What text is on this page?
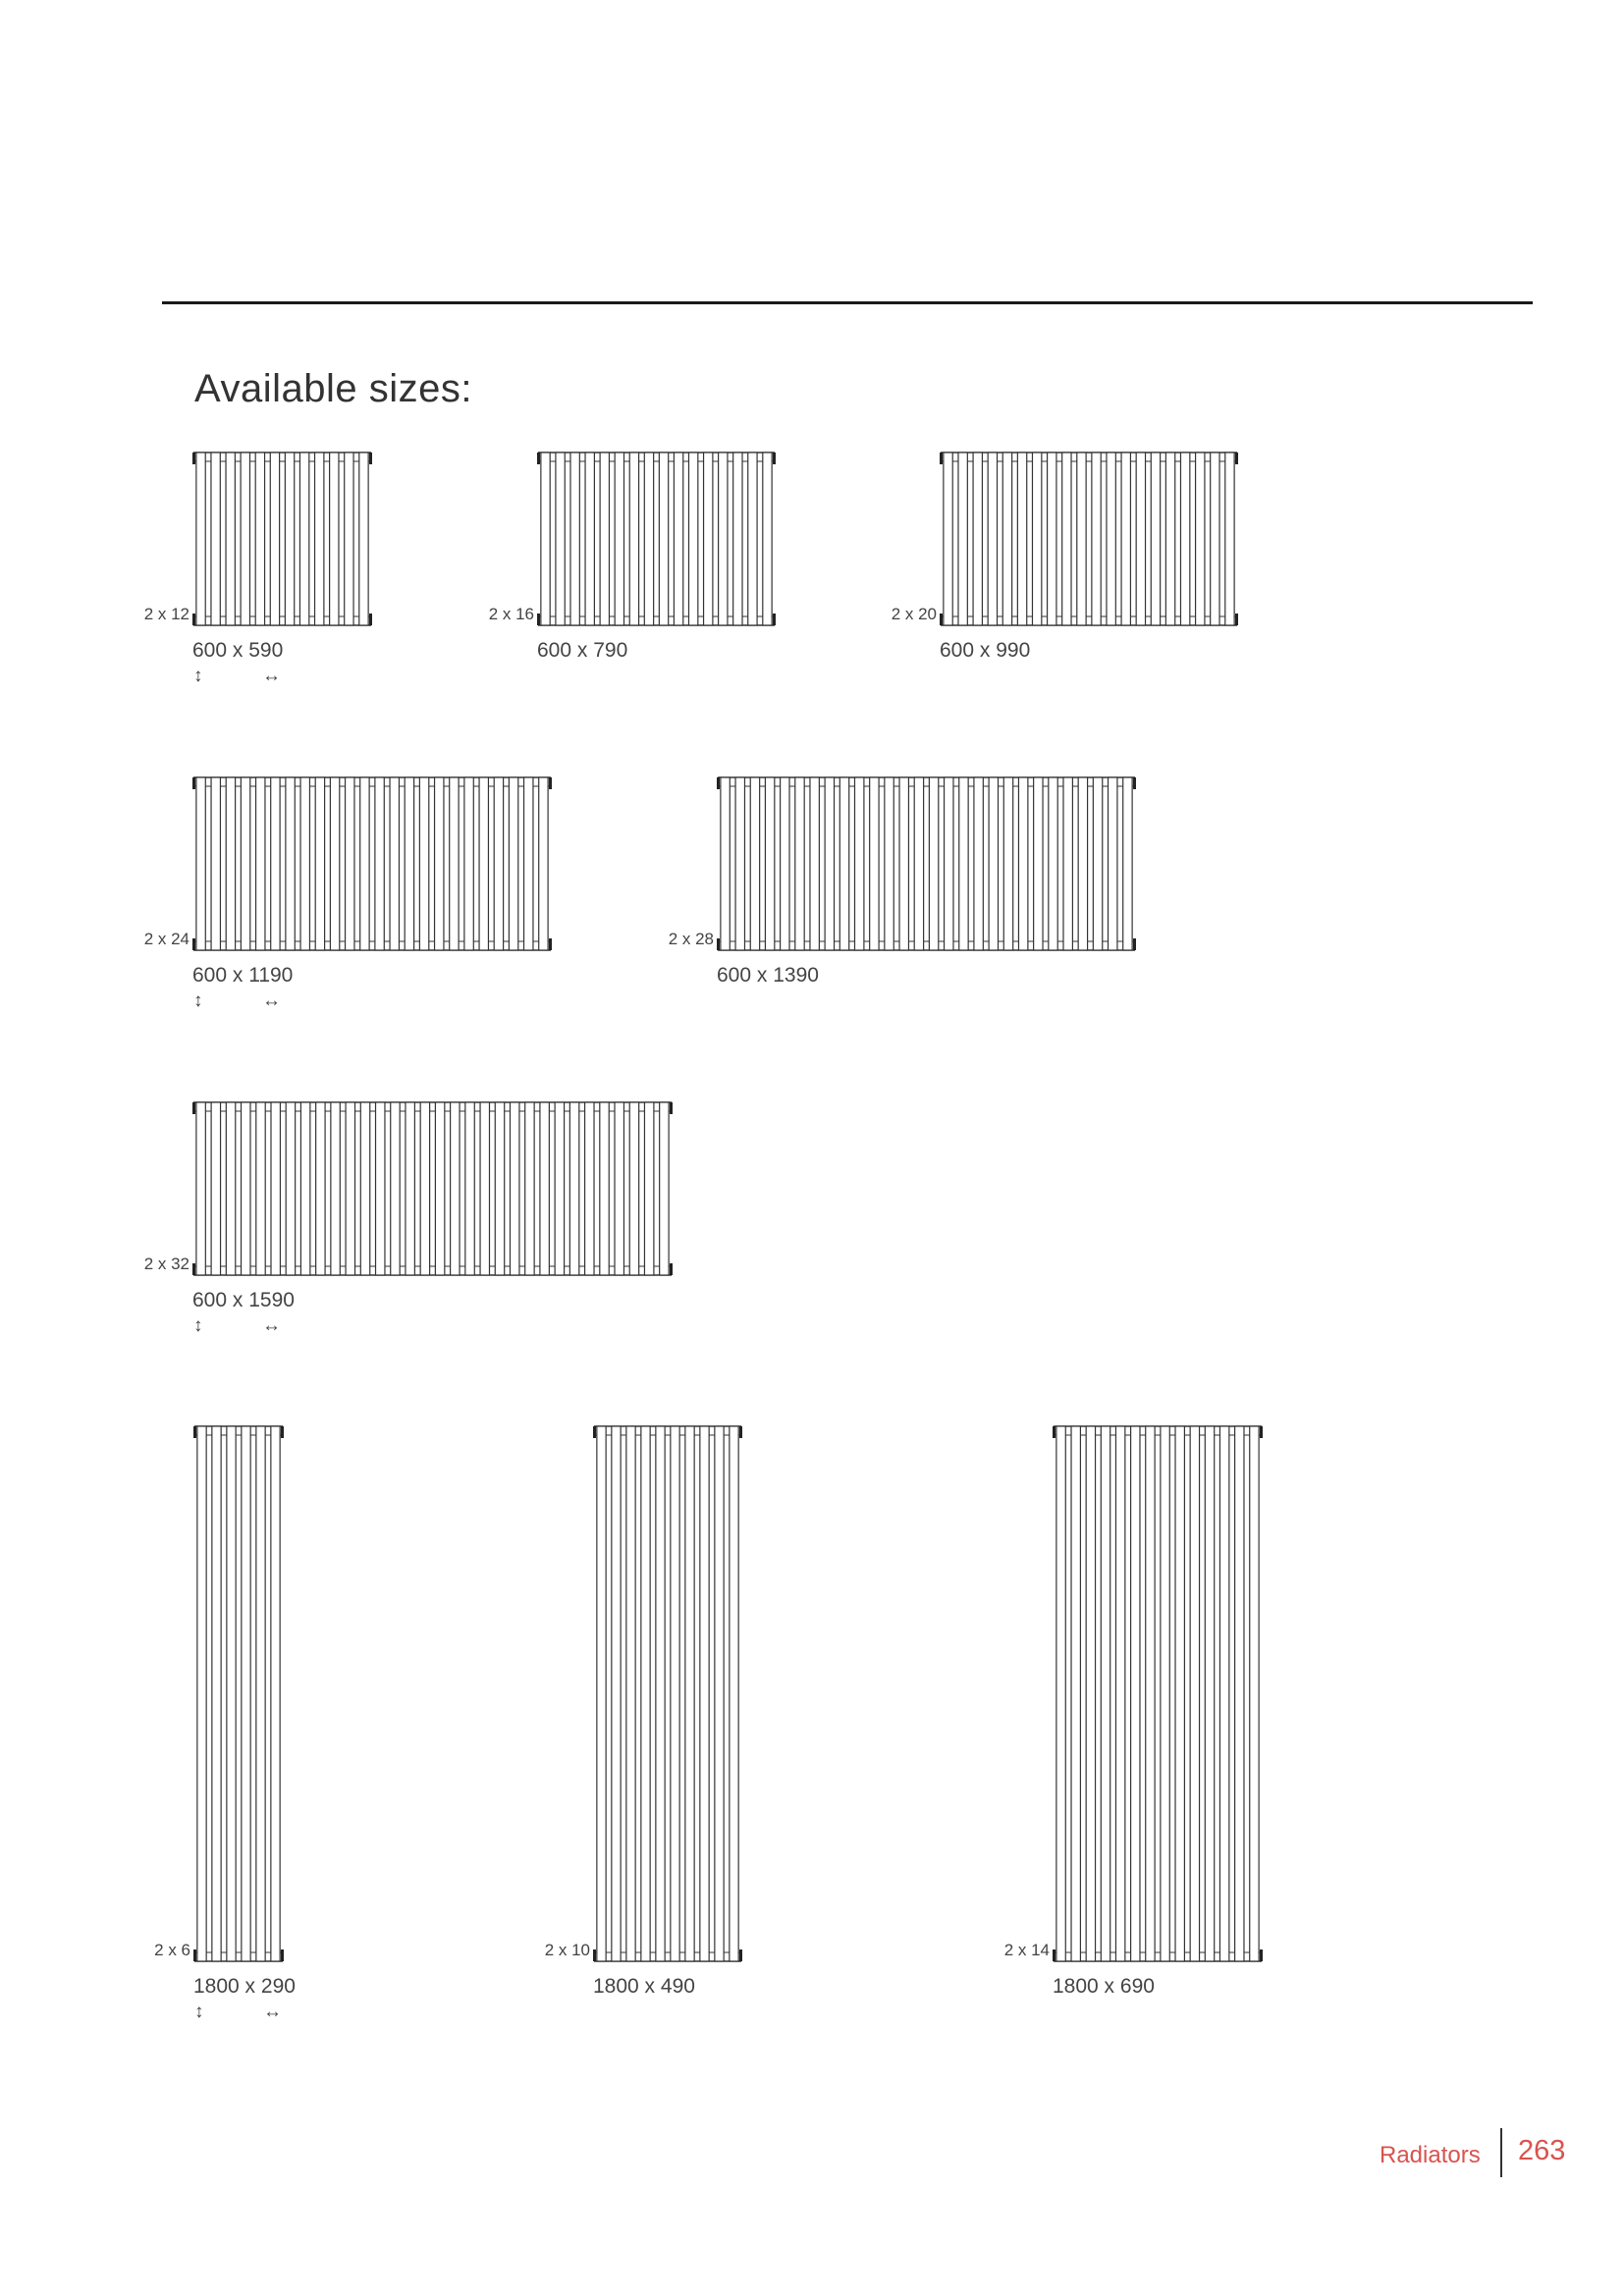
Available sizes:
2 x 12
600 x 590
↕	↔
2 x 16
600 x 790
2 x 20
600 x 990
2 x 24
600 x 1190
↕	↔
2 x 28
600 x 1390
2 x 32
600 x 1590
↕	↔
2 x 6
1800 x 290
↕	↔
2 x 10
1800 x 490
2 x 14
1800 x 690
Radiators 263
